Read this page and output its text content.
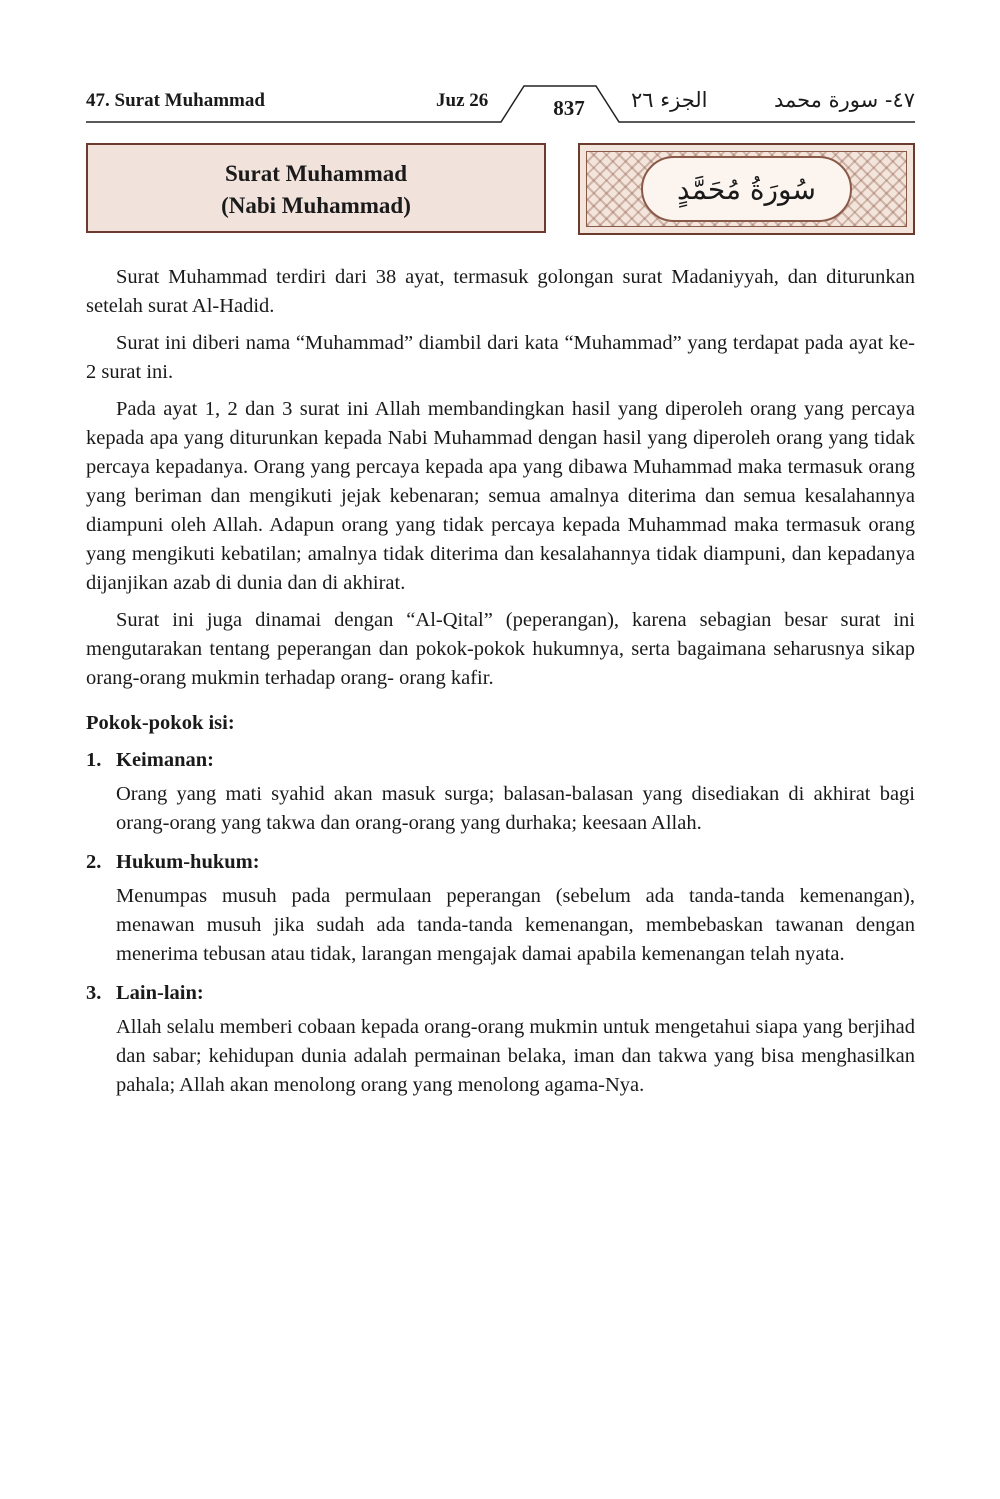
47. Surat Muhammad	Juz 26	837	الجزء ٢٦	٤٧- سورة محمد
Surat Muhammad
(Nabi Muhammad)	سُورَةُ مُحَمَّدٍ

Surat Muhammad terdiri dari 38 ayat, termasuk golongan surat Madaniyyah, dan diturunkan setelah surat Al-Hadid.

Surat ini diberi nama “Muhammad” diambil dari kata “Muhammad” yang terdapat pada ayat ke-2 surat ini.

Pada ayat 1, 2 dan 3 surat ini Allah membandingkan hasil yang diperoleh orang yang percaya kepada apa yang diturunkan kepada Nabi Muhammad dengan hasil yang diperoleh orang yang tidak percaya kepadanya. Orang yang percaya kepada apa yang dibawa Muhammad maka termasuk orang yang beriman dan mengikuti jejak kebenaran; semua amalnya diterima dan semua kesalahannya diampuni oleh Allah. Adapun orang yang tidak percaya kepada Muhammad maka termasuk orang yang mengikuti kebatilan; amalnya tidak diterima dan kesalahannya tidak diampuni, dan kepadanya dijanjikan azab di dunia dan di akhirat.

Surat ini juga dinamai dengan “Al-Qital” (peperangan), karena sebagian besar surat ini mengutarakan tentang peperangan dan pokok-pokok hukumnya, serta bagaimana seharusnya sikap orang-orang mukmin terhadap orang- orang kafir.

Pokok-pokok isi:
1. Keimanan:
Orang yang mati syahid akan masuk surga; balasan-balasan yang disediakan di akhirat bagi orang-orang yang takwa dan orang-orang yang durhaka; keesaan Allah.
2. Hukum-hukum:
Menumpas musuh pada permulaan peperangan (sebelum ada tanda-tanda kemenangan), menawan musuh jika sudah ada tanda-tanda kemenangan, membebaskan tawanan dengan menerima tebusan atau tidak, larangan mengajak damai apabila kemenangan telah nyata.
3. Lain-lain:
Allah selalu memberi cobaan kepada orang-orang mukmin untuk mengetahui siapa yang berjihad dan sabar; kehidupan dunia adalah permainan belaka, iman dan takwa yang bisa menghasilkan pahala; Allah akan menolong orang yang menolong agama-Nya.
